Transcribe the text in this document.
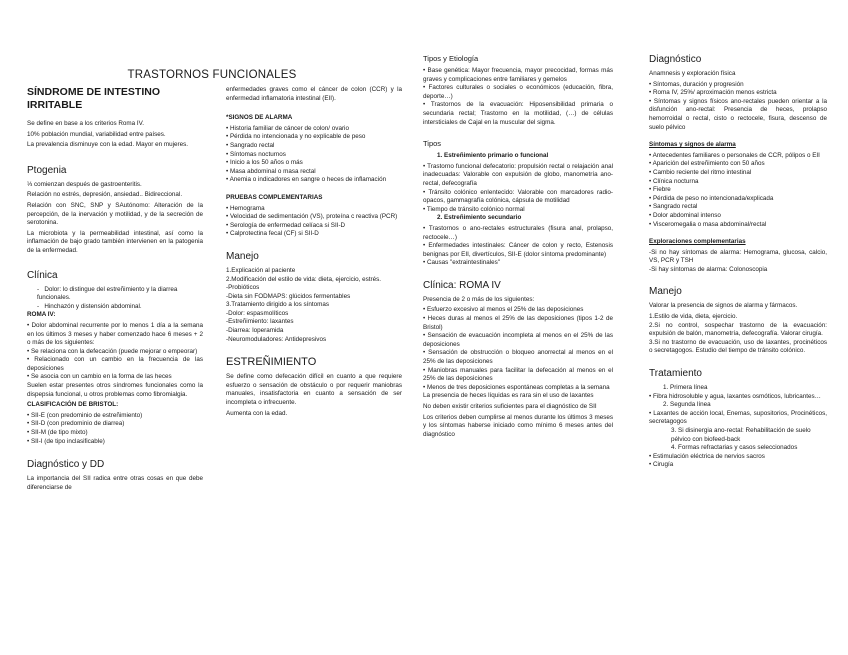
TRASTORNOS FUNCIONALES
SÍNDROME DE INTESTINO IRRITABLE

Se define en base a los criterios Roma IV.

10% población mundial, variabilidad entre países.

La prevalencia disminuye con la edad. Mayor en mujeres.

Ptogenia

⅓ comienzan después de gastroenteritis.

Relación no estrés, depresión, ansiedad.. Bidireccional.

Relación con SNC, SNP y SAutónomo: Alteración de la percepción, de la inervación y motilidad, y de la secreción de serotonina.

La microbiota y la permeabilidad intestinal, así como la inflamación de bajo grado también intervienen en la patogenia de la enfermedad.

Clínica
-   Dolor: lo distingue del estreñimiento y la diarrea funcionales.
-   Hinchazón y distensión abdominal.

ROMA IV:

• Dolor abdominal recurrente por lo menos 1 día a la semana en los últimos 3 meses y haber comenzado hace 6 meses + 2 o más de los siguientes:
• Se relaciona con la defecación (puede mejorar o empeorar)
• Relacionado con un cambio en la frecuencia de las deposiciones
• Se asocia con un cambio en la forma de las heces

Suelen estar presentes otros síndromes funcionales como la dispepsia funcional, u otros problemas como fibromialgia.

CLASIFICACIÓN DE BRISTOL:

• SII-E (con predominio de estreñimiento)
• SII-D (con predominio de diarrea)
• SII-M (de tipo mixto)
• SII-I (de tipo inclasificable)
Diagnóstico y DD

La importancia del SII radica entre otras cosas en que debe diferenciarse de

enfermedades graves como el cáncer de colon (CCR) y la enfermedad inflamatoria intestinal (EII).

*SIGNOS DE ALARMA

• Historia familiar de cáncer de colon/ ovario
• Pérdida no intencionada y no explicable de peso
• Sangrado rectal
• Síntomas nocturnos
• Inicio a los 50 años o más
• Masa abdominal o masa rectal
• Anemia o indicadores en sangre o heces de inflamación

PRUEBAS COMPLEMENTARIAS

• Hemograma
• Velocidad de sedimentación (VS), proteína c reactiva (PCR)
• Serología de enfermedad celíaca si SII-D
• Calprotectina fecal (CF) si SII-D
Manejo
1.Explicación al paciente
2.Modificación del estilo de vida: dieta, ejercicio, estrés.
-Probióticos
-Dieta sin FODMAPS: glúcidos fermentables
3.Tratamiento dirigido a los síntomas
-Dolor: espasmolíticos
-Estreñimiento: laxantes
-Diarrea: loperamida
-Neuromoduladores: Antidepresivos
ESTREÑIMIENTO

Se define como defecación difícil en cuanto a que requiere esfuerzo o sensación de obstáculo o por requerir maniobras manuales, insatisfactoria en cuanto a sensación de ser incompleta o infrecuente.

Aumenta con la edad.

Tipos y Etiología
• Base genética: Mayor frecuencia, mayor precocidad, formas más graves y complicaciones entre familiares y gemelos
• Factores culturales o sociales o económicos (educación, fibra, deporte…)
• Trastornos de la evacuación: Hiposensibilidad primaria o secundaria rectal; Trastorno en la motilidad, (…) de células intersticiales de Cajal en la muscular del sigma.
Tipos

1. Estreñimiento primario o funcional

• Trastorno funcional defecatorio: propulsión rectal o relajación anal inadecuadas: Valorable con expulsión de globo, manometría ano-rectal, defecografía
• Tránsito colónico enlentecido: Valorable con marcadores radio-opacos, gammagrafía colónica, cápsula de motilidad
• Tiempo de tránsito colónico normal

2. Estreñimiento secundario

• Trastornos o ano-rectales estructurales (fisura anal, prolapso, rectocele…)
• Enfermedades intestinales: Cáncer de colon y recto, Estenosis benignas por EII, divertículos, SII-E (dolor síntoma predominante)
• Causas "extraintestinales"
Clínica: ROMA IV

Presencia de 2 o más de los siguientes:

• Esfuerzo excesivo al menos el 25% de las deposiciones
• Heces duras al menos el 25% de las deposiciones (tipos 1-2 de Bristol)
• Sensación de evacuación incompleta al menos en el 25% de las deposiciones
• Sensación de obstrucción o bloqueo anorrectal al menos en el 25% de las deposiciones
• Maniobras manuales para facilitar la defecación al menos en el 25% de las deposiciones
• Menos de tres deposiciones espontáneas completas a la semana

La presencia de heces líquidas es rara sin el uso de laxantes

No deben existir criterios suficientes para el diagnóstico de SII

Los criterios deben cumplirse al menos durante los últimos 3 meses y los síntomas haberse iniciado como mínimo 6 meses antes del diagnóstico

Diagnóstico

Anamnesis y exploración física

• Síntomas, duración y progresión
• Roma IV, 25%/ aproximación menos estricta
• Síntomas y signos físicos ano-rectales pueden orientar a la disfunción ano-rectal: Presencia de heces, prolapso hemorroidal o rectal, cisto o rectocele, fisura, descenso de suelo pélvico

Síntomas y signos de alarma

• Antecedentes familiares o personales de CCR, pólipos o EII
• Aparición del estreñimiento con 50 años
• Cambio reciente del ritmo intestinal
• Clínica nocturna
• Fiebre
• Pérdida de peso no intencionada/explicada
• Sangrado rectal
• Dolor abdominal intenso
• Visceromegalia o masa abdominal/rectal

Exploraciones complementarias

-Si no hay síntomas de alarma: Hemograma, glucosa, calcio, VS, PCR y TSH
-Si hay síntomas de alarma: Colonoscopia
Manejo

Valorar la presencia de signos de alarma y fármacos.

1.Estilo de vida, dieta, ejercicio.
2.Si no control, sospechar trastorno de la evacuación: expulsión de balón, manometría, defecografía. Valorar cirugía.
3.Si no trastorno de evacuación, uso de laxantes, procinéticos o secretagogos. Estudio del tiempo de tránsito colónico.
Tratamiento
1. Primera línea
• Fibra hidrosoluble y agua, laxantes osmóticos, lubricantes…
2. Segunda línea
• Laxantes de acción local, Enemas, supositorios, Procinéticos, secretagogos
3. Si disinergia ano-rectal: Rehabilitación de suelo pélvico con biofeed-back
4. Formas refractarias y casos seleccionados
• Estimulación eléctrica de nervios sacros
• Cirugía
